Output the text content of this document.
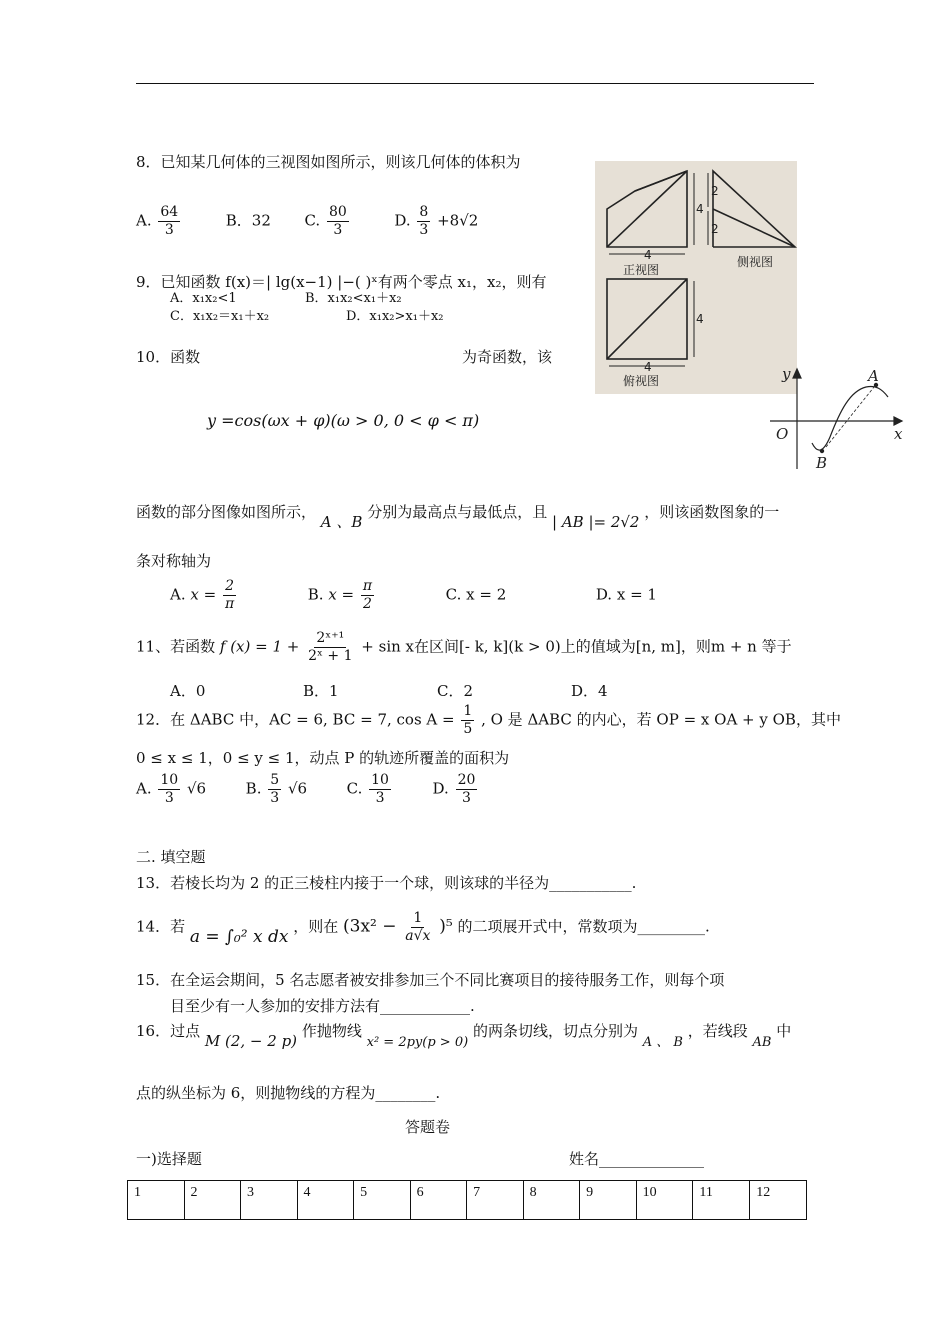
8．已知某几何体的三视图如图所示，则该几何体的体积为
A. $\frac{64}{3}$	B．32 C. $\frac{80}{3}$	D. $\frac{8}{3} +8√2$
4
4
2
2
4
4
正视图
侧视图
俯视图
9．已知函数 f(x)＝| lg(x−1) |−( )ˣ有两个零点 x₁，x₂，则有
A．x₁x₂<1	B．x₁x₂<x₁＋x₂
C．x₁x₂＝x₁＋x₂	D．x₁x₂>x₁＋x₂
10．函数	为奇函数，该
y =cos(ωx + φ)(ω > 0, 0 < φ < π)
y
x
O
A
B
函数的部分图像如图所示， A 、B 分别为最高点与最低点，且 | AB |= 2√2 ，则该函数图象的一
条对称轴为
A. $x = \frac{2}{\pi}$	B. $x = \frac{\pi}{2}$	C. x = 2	D. x = 1
11、若函数 f $(x) = 1 + \frac{\text{2ˣ⁺¹}}{\text{2ˣ + 1}} + \sin x$在区间[- k, k](k > 0)上的值域为[n, m]，则m + n 等于
A．0	B．1	C．2	D．4
12．在 ΔABC 中，AC = 6, BC = 7, $\cos A = \frac{1}{5}$ , O 是 ΔABC 的内心，若 OP = x OA + y OB，其中
0 ≤ x ≤ 1，0 ≤ y ≤ 1，动点 P 的轨迹所覆盖的面积为
A. $\frac{10}{3} √6$	B. $\frac{5}{3} √6$	C. $\frac{10}{3}$	D. $\frac{20}{3}$
二. 填空题
13．若棱长均为 2 的正三棱柱内接于一个球，则该球的半径为___________.
14．若 a = ∫₀² x dx ，则在 $(3x^2 - \frac{1}{a√x} )^5$ 的二项展开式中，常数项为_________.
15．在全运会期间，5 名志愿者被安排参加三个不同比赛项目的接待服务工作，则每个项
目至少有一人参加的安排方法有____________.
16．过点 M (2, − 2 p) 作抛物线 x² = 2py(p > 0) 的两条切线，切点分别为 A 、 B ，若线段 AB 中
点的纵坐标为 6，则抛物线的方程为________.
答题卷
一)选择题	姓名______________
1	2	3	4	5	6	7	8	9	10	11	12
